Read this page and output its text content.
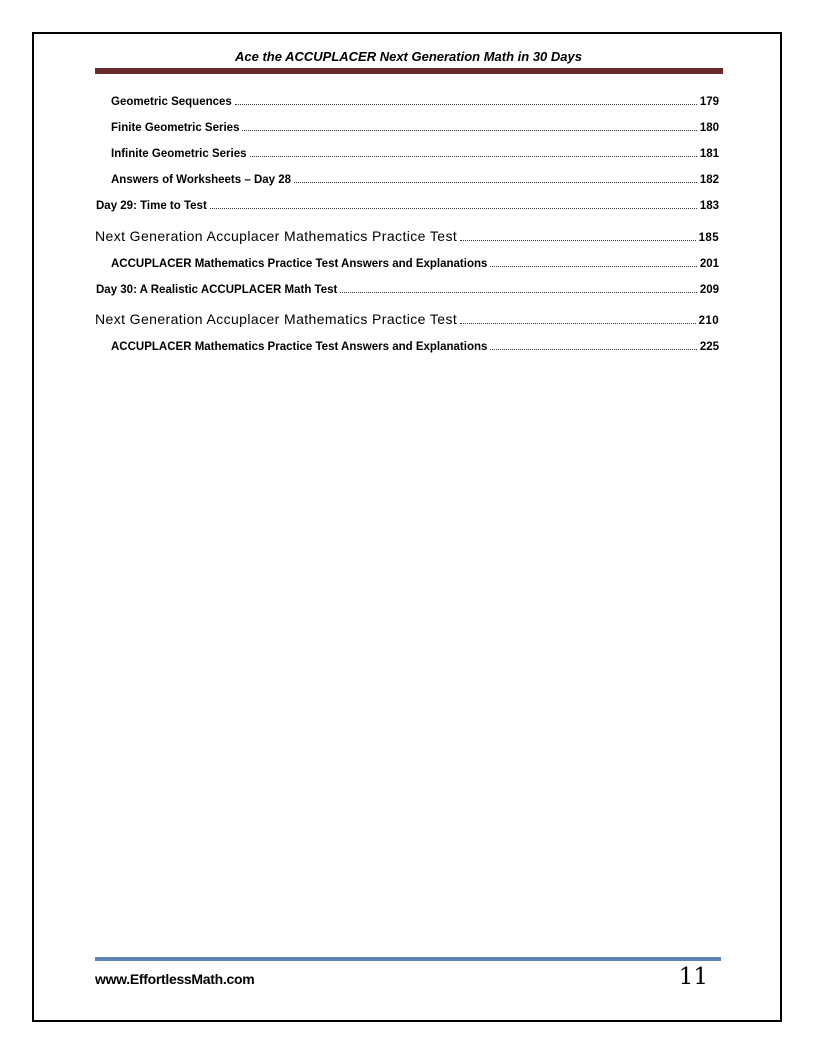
Ace the ACCUPLACER Next Generation Math in 30 Days
Geometric Sequences	179
Finite Geometric Series	180
Infinite Geometric Series	181
Answers of Worksheets – Day 28	182
Day 29: Time to Test	183
Next Generation Accuplacer Mathematics Practice Test	185
ACCUPLACER Mathematics Practice Test Answers and Explanations	201
Day 30: A Realistic ACCUPLACER Math Test	209
Next Generation Accuplacer Mathematics Practice Test	210
ACCUPLACER Mathematics Practice Test Answers and Explanations	225
www.EffortlessMath.com	11
